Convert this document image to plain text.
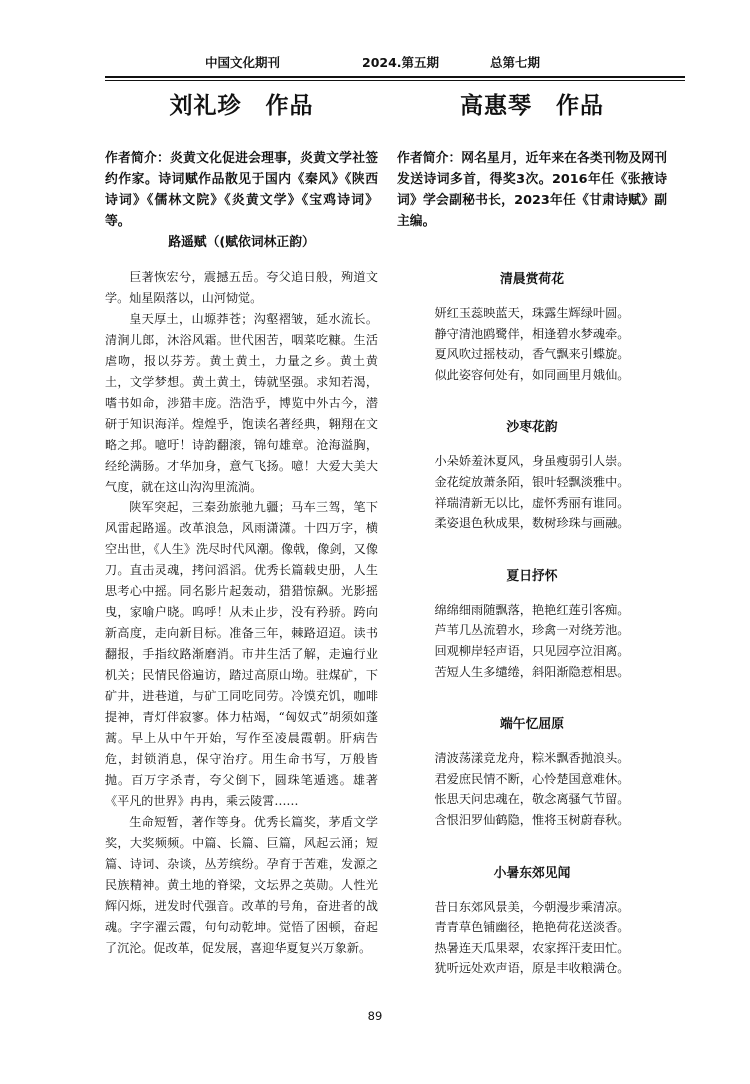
中国文化期刊	2024.第五期	总第七期
刘礼珍　作品
作者简介：炎黄文化促进会理事，炎黄文学社签约作家。诗词赋作品散见于国内《秦风》《陕西诗词》《儒林文院》《炎黄文学》《宝鸡诗词》等。
路遥赋（(赋依词林正韵）

巨著恢宏兮，震撼五岳。夸父追日般，殉道文学。灿星陨落以，山河恸觉。

皇天厚土，山塬莽苍；沟壑褶皱，延水流长。清涧儿郎，沐浴风霜。世代困苦，咽菜吃糠。生活虐吻，报以芬芳。黄土黄土，力量之乡。黄土黄土，文学梦想。黄土黄土，铸就坚强。求知若渴，嗜书如命，涉猎丰庞。浩浩乎，博览中外古今，潜研于知识海洋。煌煌乎，饱读名著经典，翱翔在文略之邦。噫吁！诗韵翻滚，锦句雄章。沧海溢胸，经纶满肠。才华加身，意气飞扬。噫！大爱大美大气度，就在这山沟沟里流淌。

陕军突起，三秦劲旅驰九疆；马车三驾，笔下风雷起路遥。改革浪急，风雨潇潇。十四万字，横空出世，《人生》洗尽时代风潮。像戟，像剑，又像刀。直击灵魂，拷问滔滔。优秀长篇载史册，人生思考心中摇。同名影片起轰动，猎猎惊飙。光影摇曳，家喻户晓。呜呼！从未止步，没有矜骄。跨向新高度，走向新目标。准备三年，棘路迢迢。读书翻报，手指纹路渐磨消。市井生活了解，走遍行业机关；民情民俗遍访，踏过高原山坳。驻煤矿，下矿井，进巷道，与矿工同吃同劳。冷馍充饥，咖啡提神，青灯伴寂寥。体力枯竭，“匈奴式”胡须如蓬蒿。早上从中午开始，写作至凌晨霞朝。肝病告危，封锁消息，保守治疗。用生命书写，万般皆抛。百万字杀青，夸父倒下，圆珠笔遁逃。雄著《平凡的世界》冉冉，乘云陵霄……

生命短暂，著作等身。优秀长篇奖，茅盾文学奖，大奖频频。中篇、长篇、巨篇，风起云涌；短篇、诗词、杂谈，丛芳缤纷。孕育于苦难，发源之民族精神。黄土地的脊梁，文坛界之英勋。人性光辉闪烁，迸发时代强音。改革的号角，奋进者的战魂。字字濯云霞，句句动乾坤。觉悟了困顿，奋起了沉沦。促改革，促发展，喜迎华夏复兴万象新。

高惠琴　作品
作者简介：网名星月，近年来在各类刊物及网刊发送诗词多首，得奖3次。2016年任《张掖诗词》学会副秘书长，2023年任《甘肃诗赋》副主编。
清晨赏荷花
妍红玉蕊映蓝天，珠露生辉绿叶圆。
静守清池鸥鹭伴，相逢碧水梦魂牵。
夏风吹过摇枝动，香气飘来引蝶旋。
似此姿容何处有，如同画里月娥仙。
沙枣花韵
小朵娇羞沐夏风，身虽瘦弱引人崇。
金花绽放萧条陌，银叶轻飘淡雅中。
祥瑞清新无以比，虚怀秀丽有谁同。
柔姿退色秋成果，数树珍珠与画融。
夏日抒怀
绵绵细雨随飘落，艳艳红莲引客痴。
芦苇几丛流碧水，珍禽一对绕芳池。
回观柳岸轻声语，只见园亭泣泪离。
苦短人生多缱绻，斜阳渐隐惹相思。
端午忆屈原
清波荡漾竞龙舟，粽米飘香抛浪头。
君爱庶民情不断，心怜楚国意难休。
怅思天问忠魂在，敬念离骚气节留。
含恨汨罗仙鹤隐，惟将玉树蔚春秋。
小暑东郊见闻
昔日东郊风景美，今朝漫步乘清凉。
青青草色铺幽径，艳艳荷花送淡香。
热暑连天瓜果翠，农家挥汗麦田忙。
犹听远处欢声语，原是丰收粮满仓。
89
